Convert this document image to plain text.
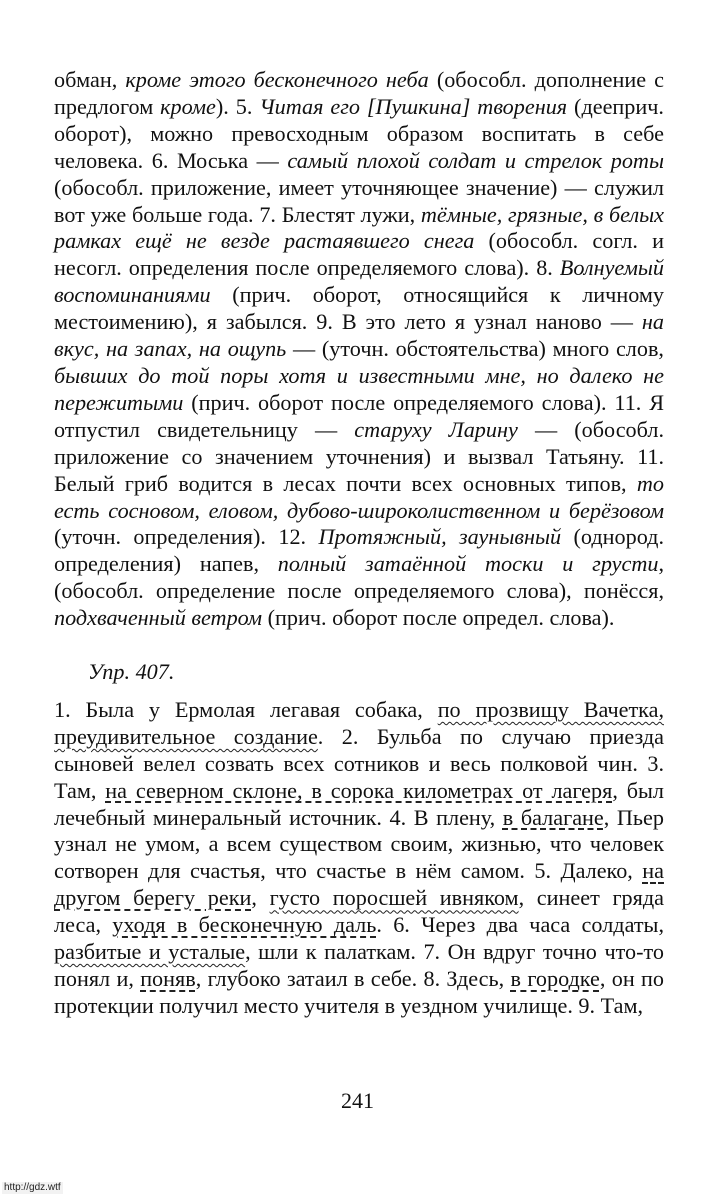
обман, кроме этого бесконечного неба (обособл. дополнение с предлогом кроме). 5. Читая его [Пушкина] творения (дееприч. оборот), можно превосходным образом воспитать в себе человека. 6. Моська — самый плохой солдат и стрелок роты (обособл. приложение, имеет уточняющее значение) — служил вот уже больше года. 7. Блестят лужи, тёмные, грязные, в белых рамках ещё не везде растаявшего снега (обособл. согл. и несогл. определения после определяемого слова). 8. Волнуемый воспоминаниями (прич. оборот, относящийся к личному местоимению), я забылся. 9. В это лето я узнал наново — на вкус, на запах, на ощупь — (уточн. обстоятельства) много слов, бывших до той поры хотя и известными мне, но далеко не пережитыми (прич. оборот после определяемого слова). 11. Я отпустил свидетельницу — старуху Ларину — (обособл. приложение со значением уточнения) и вызвал Татьяну. 11. Белый гриб водится в лесах почти всех основных типов, то есть сосновом, еловом, дубово-широколиственном и берёзовом (уточн. определения). 12. Протяжный, заунывный (однород. определения) напев, полный затаённой тоски и грусти, (обособл. определение после определяемого слова), понёсся, подхваченный ветром (прич. оборот после определ. слова).

Упр. 407.

1. Была у Ермолая легавая собака, по прозвищу Вачетка, преудивительное создание. 2. Бульба по случаю приезда сыновей велел созвать всех сотников и весь полковой чин. 3. Там, на северном склоне, в сорока километрах от лагеря, был лечебный минеральный источник. 4. В плену, в балагане, Пьер узнал не умом, а всем существом своим, жизнью, что человек сотворен для счастья, что счастье в нём самом. 5. Далеко, на другом берегу реки, густо поросшей ивняком, синеет гряда леса, уходя в бесконечную даль. 6. Через два часа солдаты, разбитые и усталые, шли к палаткам. 7. Он вдруг точно что-то понял и, поняв, глубоко затаил в себе. 8. Здесь, в городке, он по протекции получил место учителя в уездном училище. 9. Там,

241
http://gdz.wtf
